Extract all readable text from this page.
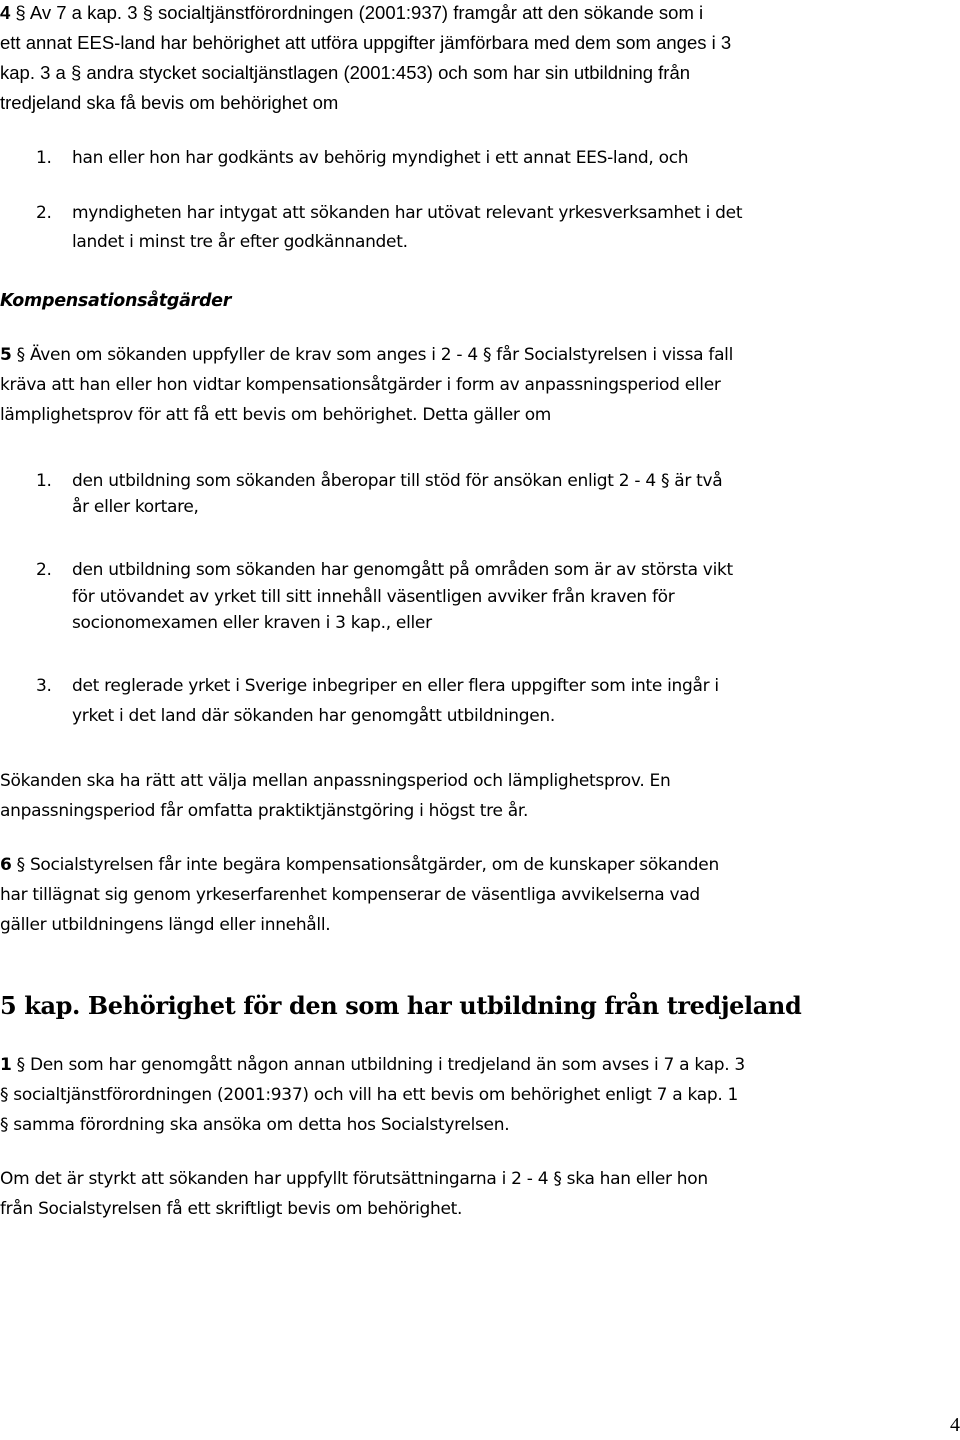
4 § Av 7 a kap. 3 § socialtjänstförordningen (2001:937) framgår att den sökande som i
ett annat EES-land har behörighet att utföra uppgifter jämförbara med dem som anges i 3
kap. 3 a § andra stycket socialtjänstlagen (2001:453) och som har sin utbildning från
tredjeland ska få bevis om behörighet om
1. han eller hon har godkänts av behörig myndighet i ett annat EES-land, och
2. myndigheten har intygat att sökanden har utövat relevant yrkesverksamhet i det
landet i minst tre år efter godkännandet.
Kompensationsåtgärder
5 § Även om sökanden uppfyller de krav som anges i 2 - 4 § får Socialstyrelsen i vissa fall
kräva att han eller hon vidtar kompensationsåtgärder i form av anpassningsperiod eller
lämplighetsprov för att få ett bevis om behörighet. Detta gäller om
1. den utbildning som sökanden åberopar till stöd för ansökan enligt 2 - 4 § är två
år eller kortare,
2. den utbildning som sökanden har genomgått på områden som är av största vikt
för utövandet av yrket till sitt innehåll väsentligen avviker från kraven för
socionomexamen eller kraven i 3 kap., eller
3. det reglerade yrket i Sverige inbegriper en eller flera uppgifter som inte ingår i
yrket i det land där sökanden har genomgått utbildningen.
Sökanden ska ha rätt att välja mellan anpassningsperiod och lämplighetsprov. En
anpassningsperiod får omfatta praktiktjänstgöring i högst tre år.
6 § Socialstyrelsen får inte begära kompensationsåtgärder, om de kunskaper sökanden
har tillägnat sig genom yrkeserfarenhet kompenserar de väsentliga avvikelserna vad
gäller utbildningens längd eller innehåll.
5 kap. Behörighet för den som har utbildning från tredjeland
1 § Den som har genomgått någon annan utbildning i tredjeland än som avses i 7 a kap. 3
§ socialtjänstförordningen (2001:937) och vill ha ett bevis om behörighet enligt 7 a kap. 1
§ samma förordning ska ansöka om detta hos Socialstyrelsen.
Om det är styrkt att sökanden har uppfyllt förutsättningarna i 2 - 4 § ska han eller hon
från Socialstyrelsen få ett skriftligt bevis om behörighet.
4
